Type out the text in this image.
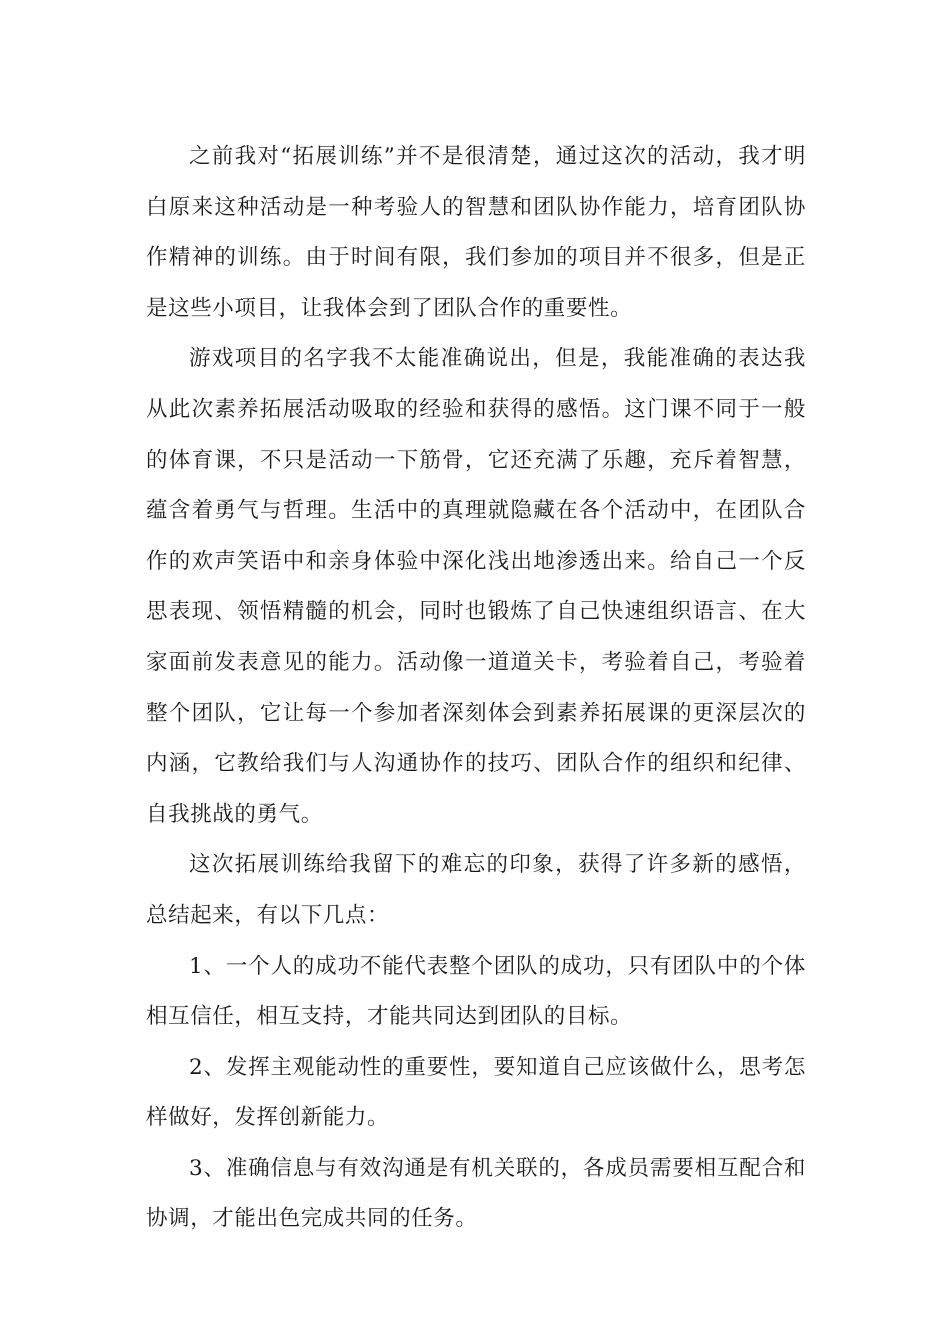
之前我对“拓展训练”并不是很清楚，通过这次的活动，我才明白原来这种活动是一种考验人的智慧和团队协作能力，培育团队协作精神的训练。由于时间有限，我们参加的项目并不很多，但是正是这些小项目，让我体会到了团队合作的重要性。

游戏项目的名字我不太能准确说出，但是，我能准确的表达我从此次素养拓展活动吸取的经验和获得的感悟。这门课不同于一般的体育课，不只是活动一下筋骨，它还充满了乐趣，充斥着智慧，蕴含着勇气与哲理。生活中的真理就隐藏在各个活动中，在团队合作的欢声笑语中和亲身体验中深化浅出地渗透出来。给自己一个反思表现、领悟精髓的机会，同时也锻炼了自己快速组织语言、在大家面前发表意见的能力。活动像一道道关卡，考验着自己，考验着整个团队，它让每一个参加者深刻体会到素养拓展课的更深层次的内涵，它教给我们与人沟通协作的技巧、团队合作的组织和纪律、自我挑战的勇气。

这次拓展训练给我留下的难忘的印象，获得了许多新的感悟，总结起来，有以下几点：

1、一个人的成功不能代表整个团队的成功，只有团队中的个体相互信任，相互支持，才能共同达到团队的目标。

2、发挥主观能动性的重要性，要知道自己应该做什么，思考怎样做好，发挥创新能力。

3、准确信息与有效沟通是有机关联的，各成员需要相互配合和协调，才能出色完成共同的任务。
